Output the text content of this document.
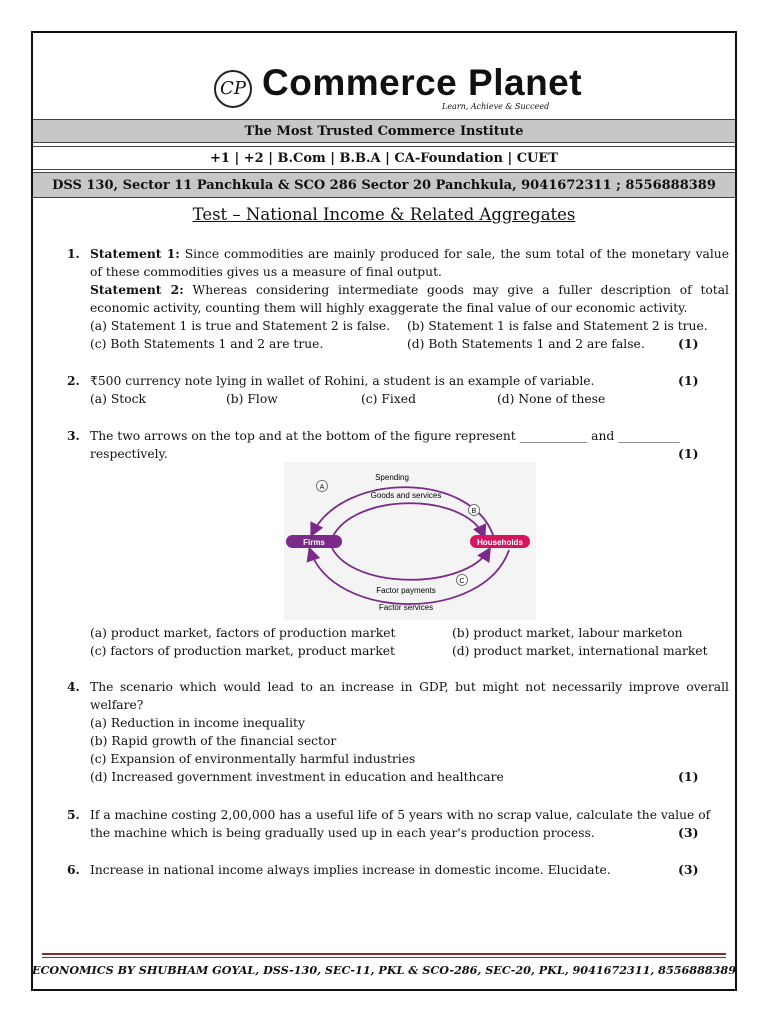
CP Commerce Planet
Learn, Achieve & Succeed
The Most Trusted Commerce Institute
+1 | +2 | B.Com | B.B.A | CA-Foundation | CUET
DSS 130, Sector 11 Panchkula & SCO 286 Sector 20 Panchkula, 9041672311 ; 8556888389
Test – National Income & Related Aggregates
1. Statement 1: Since commodities are mainly produced for sale, the sum total of the monetary value of these commodities gives us a measure of final output.
Statement 2: Whereas considering intermediate goods may give a fuller description of total economic activity, counting them will highly exaggerate the final value of our economic activity.
(a) Statement 1 is true and Statement 2 is false. (b) Statement 1 is false and Statement 2 is true.
(c) Both Statements 1 and 2 are true.	(d) Both Statements 1 and 2 are false.	(1)
2. ₹500 currency note lying in wallet of Rohini, a student is an example of variable.	(1)
(a) Stock	(b) Flow	(c) Fixed	(d) None of these
3. The two arrows on the top and at the bottom of the figure represent ___________ and __________
respectively.	(1)
Firms	Households
Spending
Goods and services
Factor payments
Factor services
A
B
C
(a) product market, factors of production market	(b) product market, labour marketon
(c) factors of production market, product market	(d) product market, international market
4. The scenario which would lead to an increase in GDP, but might not necessarily improve overall welfare?
(a) Reduction in income inequality
(b) Rapid growth of the financial sector
(c) Expansion of environmentally harmful industries
(d) Increased government investment in education and healthcare	(1)
5. If a machine costing 2,00,000 has a useful life of 5 years with no scrap value, calculate the value of
the machine which is being gradually used up in each year's production process.	(3)
6. Increase in national income always implies increase in domestic income. Elucidate.	(3)
ECONOMICS BY SHUBHAM GOYAL, DSS-130, SEC-11, PKL & SCO-286, SEC-20, PKL, 9041672311, 8556888389
